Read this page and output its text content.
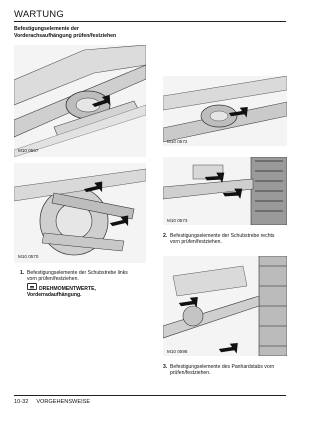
WARTUNG
Befestigungselemente der
Vorderachsaufhängung prüfen/festziehen
M10 0567
M10 0570
1. Befestigungselemente der Schubstrebe links
vorn prüfen/festziehen.
DREHMOMENTWERTE,
Vorderradaufhängung.
M10 0572
M10 0573
2. Befestigungselemente der Schubstrebe rechts
vorn prüfen/festziehen.
M10 0598
3. Befestigungselemente des Panhardstabs vorn
prüfen/festziehen.
10-32 VORGEHENSWEISE
